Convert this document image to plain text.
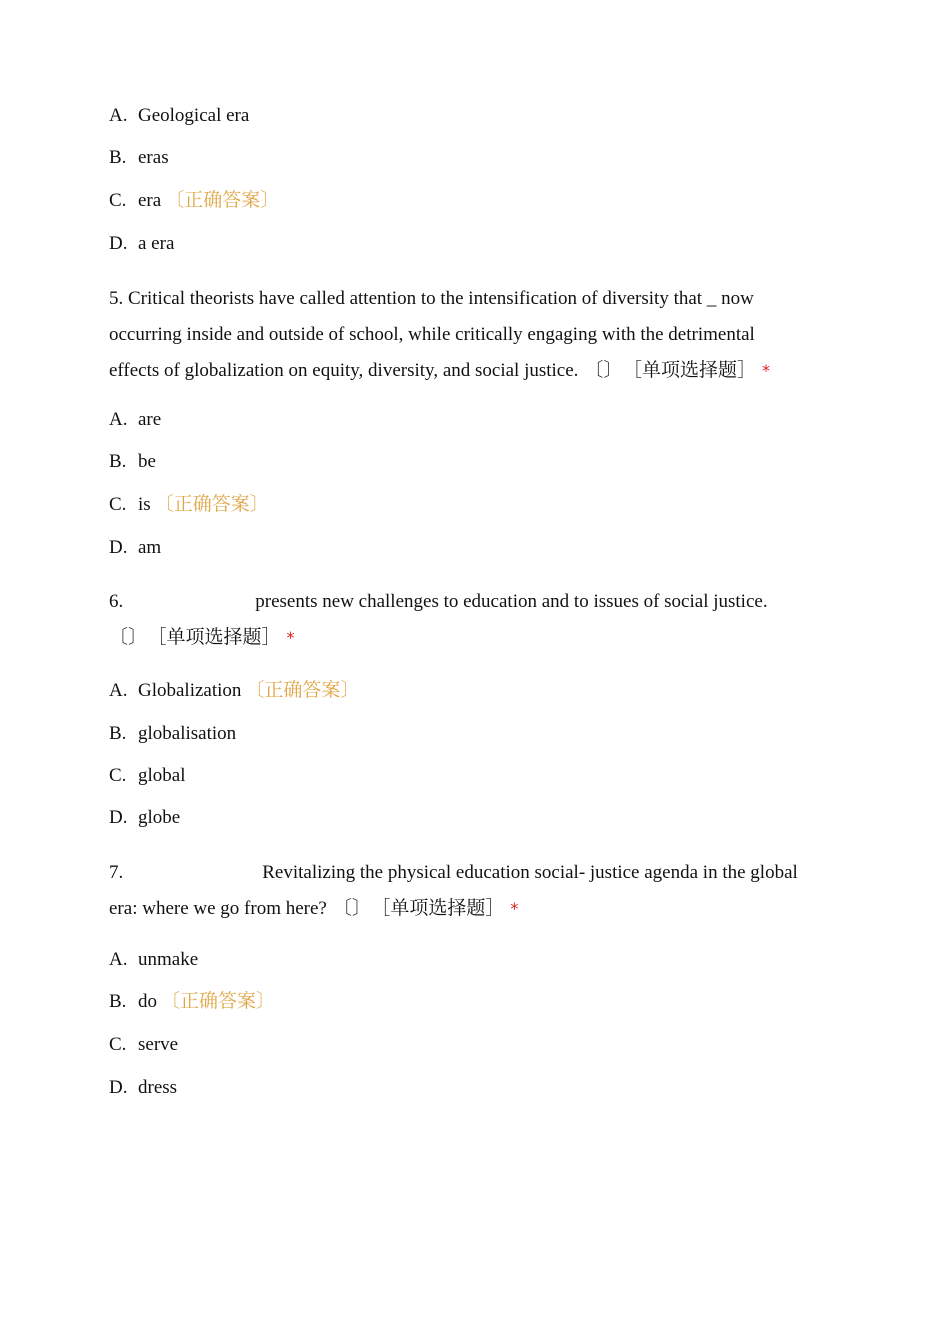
A. Geological era
B. eras
C. era 〔正确答案〕
D. a era
5. Critical theorists have called attention to the intensification of diversity that _ now
occurring inside and outside of school, while critically engaging with the detrimental
effects of globalization on equity, diversity, and social justice. 〔〕 ［单项选择题］ *
A. are
B. be
C. is 〔正确答案〕
D. am
6.	presents new challenges to education and to issues of social justice.
〔〕 ［单项选择题］ *
A. Globalization 〔正确答案〕
B. globalisation
C. global
D. globe
7.	Revitalizing the physical education social- justice agenda in the global
era: where we go from here? 〔〕 ［单项选择题］ *
A. unmake
B. do 〔正确答案〕
C. serve
D. dress
